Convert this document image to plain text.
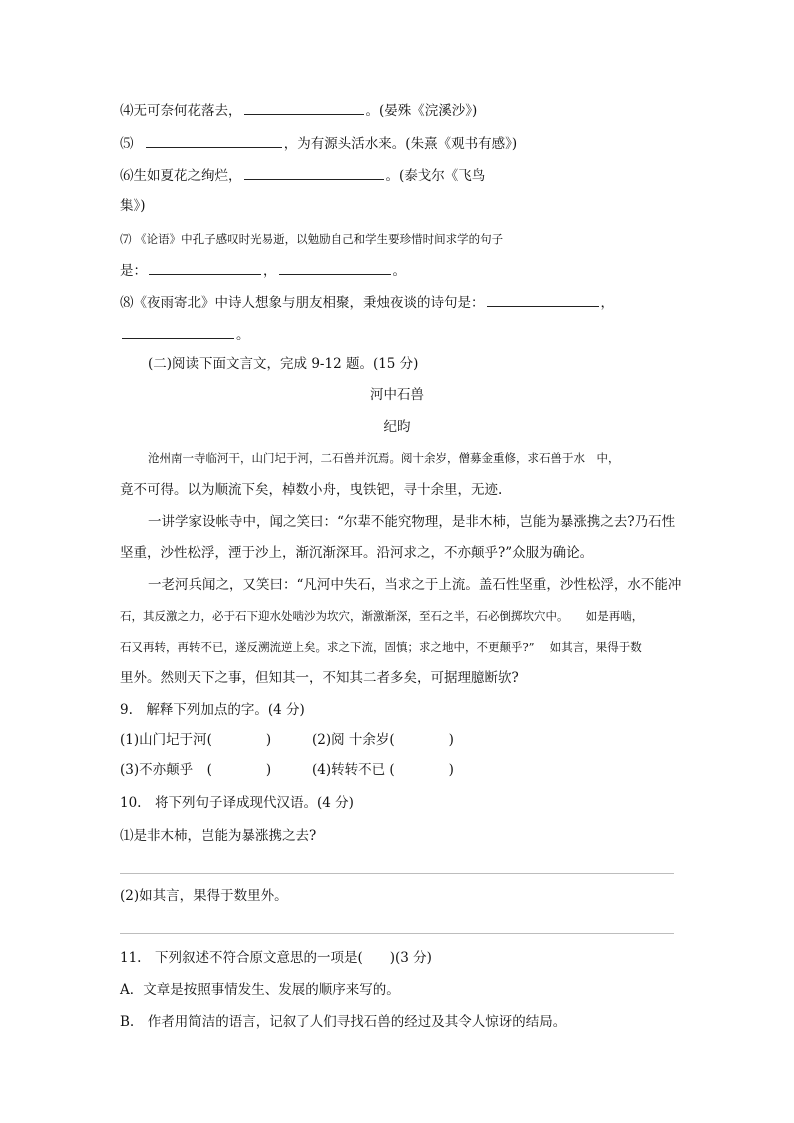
⑷无可奈何花落去，	。(晏殊《浣溪沙》)
⑸	，为有源头活水来。(朱熹《观书有感》)
⑹生如夏花之绚烂，	。(泰戈尔《飞鸟
集》)
⑺ 《论语》中孔子感叹时光易逝，以勉励自己和学生要珍惜时间求学的句子
是：	，	。
⑻《夜雨寄北》中诗人想象与朋友相聚，秉烛夜谈的诗句是：	，
。
(二)阅读下面文言文，完成 9-12 题。(15 分)
河中石兽
纪昀
沧州南一寺临河干，山门圮于河，二石兽并沉焉。阅十余岁，僧募金重修，求石兽于水　中，
竟不可得。以为顺流下矣，棹数小舟，曳铁钯，寻十余里，无迹.
一讲学家设帐寺中，闻之笑曰：“尔辈不能究物理，是非木杮，岂能为暴涨携之去?乃石性
坚重，沙性松浮，湮于沙上，渐沉渐深耳。沿河求之，不亦颠乎?”众服为确论。
一老河兵闻之，又笑曰：“凡河中失石，当求之于上流。盖石性坚重，沙性松浮，水不能冲
石，其反激之力，必于石下迎水处啮沙为坎穴，渐激渐深，至石之半，石必倒掷坎穴中。　　如是再啮，
石又再转，再转不已，遂反溯流逆上矣。求之下流，固慎；求之地中，不更颠乎?”　 如其言，果得于数
里外。然则天下之事，但知其一，不知其二者多矣，可据理臆断欤?
9.　解释下列加点的字。(4 分)
(1)山门圮于河(　　　　)	(2)阅 十余岁(　　　　)
(3)不亦颠乎　(　　　　)	(4)转转不已 (　　　　)
10.　将下列句子译成现代汉语。(4 分)
⑴是非木杮，岂能为暴涨携之去?
(2)如其言，果得于数里外。
11.　下列叙述不符合原文意思的一项是(　　)(3 分)
A．文章是按照事情发生、发展的顺序来写的。
B.　作者用简洁的语言，记叙了人们寻找石兽的经过及其令人惊讶的结局。
